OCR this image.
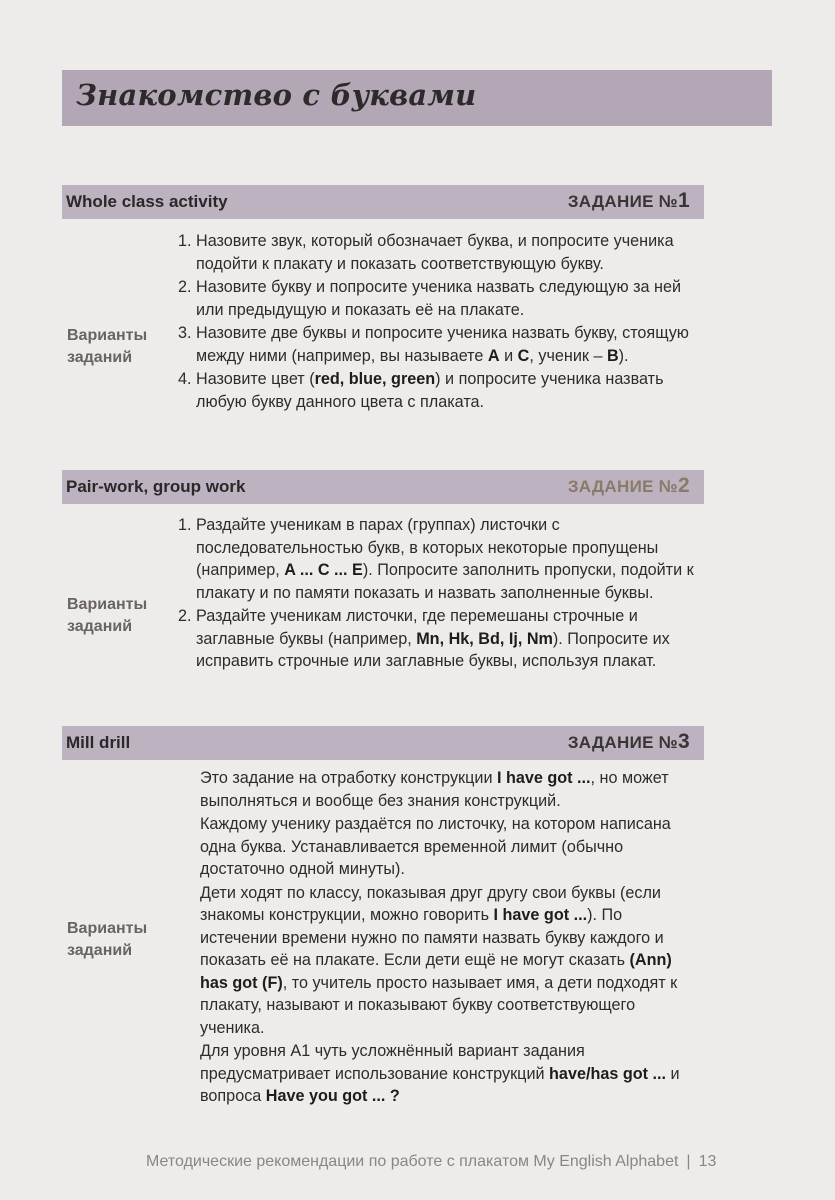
Знакомство с буквами
Whole class activity	ЗАДАНИЕ №1
Варианты заданий
1. Назовите звук, который обозначает буква, и попросите ученика подойти к плакату и показать соответствующую букву.
2. Назовите букву и попросите ученика назвать следующую за ней или предыдущую и показать её на плакате.
3. Назовите две буквы и попросите ученика назвать букву, стоящую между ними (например, вы называете A и C, ученик – B).
4. Назовите цвет (red, blue, green) и попросите ученика назвать любую букву данного цвета с плаката.
Pair-work, group work	ЗАДАНИЕ №2
Варианты заданий
1. Раздайте ученикам в парах (группах) листочки с последовательностью букв, в которых некоторые пропущены (например, A ... C ... E). Попросите заполнить пропуски, подойти к плакату и по памяти показать и назвать заполненные буквы.
2. Раздайте ученикам листочки, где перемешаны строчные и заглавные буквы (например, Mn, Hk, Bd, Ij, Nm). Попросите их исправить строчные или заглавные буквы, используя плакат.
Mill drill	ЗАДАНИЕ №3
Варианты заданий

Это задание на отработку конструкции I have got ..., но может выполняться и вообще без знания конструкций.

Каждому ученику раздаётся по листочку, на котором написана одна буква. Устанавливается временной лимит (обычно достаточно одной минуты).

Дети ходят по классу, показывая друг другу свои буквы (если знакомы конструкции, можно говорить I have got ...). По истечении времени нужно по памяти назвать букву каждого и показать её на плакате. Если дети ещё не могут сказать (Ann) has got (F), то учитель просто называет имя, а дети подходят к плакату, называют и показывают букву соответствующего ученика.

Для уровня A1 чуть усложнённый вариант задания предусматривает использование конструкций have/has got ... и вопроса Have you got ... ?

Методические рекомендации по работе с плакатом My English Alphabet | 13
